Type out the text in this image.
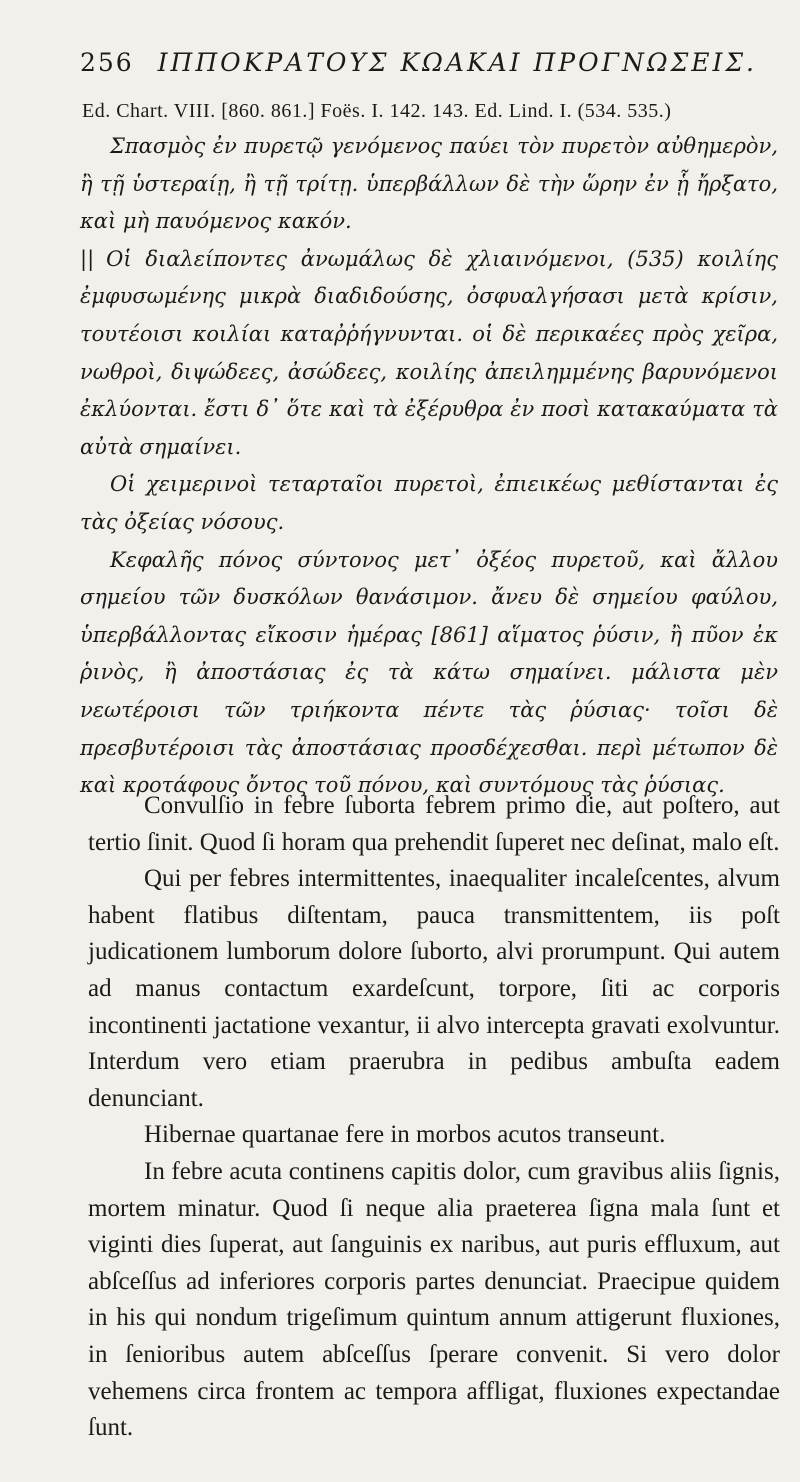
256 ΙΠΠΟΚΡΑΤΟΥΣ ΚΩΑΚΑΙ ΠΡΟΓΝΩΣΕΙΣ.
Ed. Chart. VIII. [860. 861.] Foës. I. 142. 143. Ed. Lind. I. (534. 535.)

Σπασμὸς ἐν πυρετῷ γενόμενος παύει τὸν πυρετὸν αὐθημερὸν, ἢ τῇ ὑστεραίῃ, ἢ τῇ τρίτῃ. ὑπερβάλλων δὲ τὴν ὥρην ἐν ᾗ ἤρξατο, καὶ μὴ παυόμενος κακόν.

|| Οἱ διαλείποντες ἀνωμάλως δὲ χλιαινόμενοι, (535) κοιλίης ἐμφυσωμένης μικρὰ διαδιδούσης, ὀσφυαλγήσασι μετὰ κρίσιν, τουτέοισι κοιλίαι καταῤῥήγνυνται. οἱ δὲ περικαέες πρὸς χεῖρα, νωθροὶ, διψώδεες, ἀσώδεες, κοιλίης ἀπειλημμένης βαρυνόμενοι ἐκλύονται. ἔστι δ᾽ ὅτε καὶ τὰ ἐξέρυθρα ἐν ποσὶ κατακαύματα τὰ αὐτὰ σημαίνει.

Οἱ χειμερινοὶ τεταρταῖοι πυρετοὶ, ἐπιεικέως μεθίστανται ἐς τὰς ὀξείας νόσους.

Κεφαλῆς πόνος σύντονος μετ᾽ ὀξέος πυρετοῦ, καὶ ἄλλου σημείου τῶν δυσκόλων θανάσιμον. ἄνευ δὲ σημείου φαύλου, ὑπερβάλλοντας εἴκοσιν ἡμέρας [861] αἵματος ῥύσιν, ἢ πῦον ἐκ ῥινὸς, ἢ ἀποστάσιας ἐς τὰ κάτω σημαίνει. μάλιστα μὲν νεωτέροισι τῶν τριήκοντα πέντε τὰς ῥύσιας· τοῖσι δὲ πρεσβυτέροισι τὰς ἀποστάσιας προσδέχεσθαι. περὶ μέτωπον δὲ καὶ κροτάφους ὄντος τοῦ πόνου, καὶ συντόμους τὰς ῥύσιας.

Convulſio in febre ſuborta febrem primo die, aut poſtero, aut tertio ſinit. Quod ſi horam qua prehendit ſuperet nec deſinat, malo eſt.

Qui per febres intermittentes, inaequaliter incaleſcentes, alvum habent flatibus diſtentam, pauca transmittentem, iis poſt judicationem lumborum dolore ſuborto, alvi prorumpunt. Qui autem ad manus contactum exardeſcunt, torpore, ſiti ac corporis incontinenti jactatione vexantur, ii alvo intercepta gravati exolvuntur. Interdum vero etiam praerubra in pedibus ambuſta eadem denunciant.

Hibernae quartanae fere in morbos acutos transeunt.

In febre acuta continens capitis dolor, cum gravibus aliis ſignis, mortem minatur. Quod ſi neque alia praeterea ſigna mala ſunt et viginti dies ſuperat, aut ſanguinis ex naribus, aut puris effluxum, aut abſceſſus ad inferiores corporis partes denunciat. Praecipue quidem in his qui nondum trigeſimum quintum annum attigerunt fluxiones, in ſenioribus autem abſceſſus ſperare convenit. Si vero dolor vehemens circa frontem ac tempora affligat, fluxiones expectandae ſunt.
